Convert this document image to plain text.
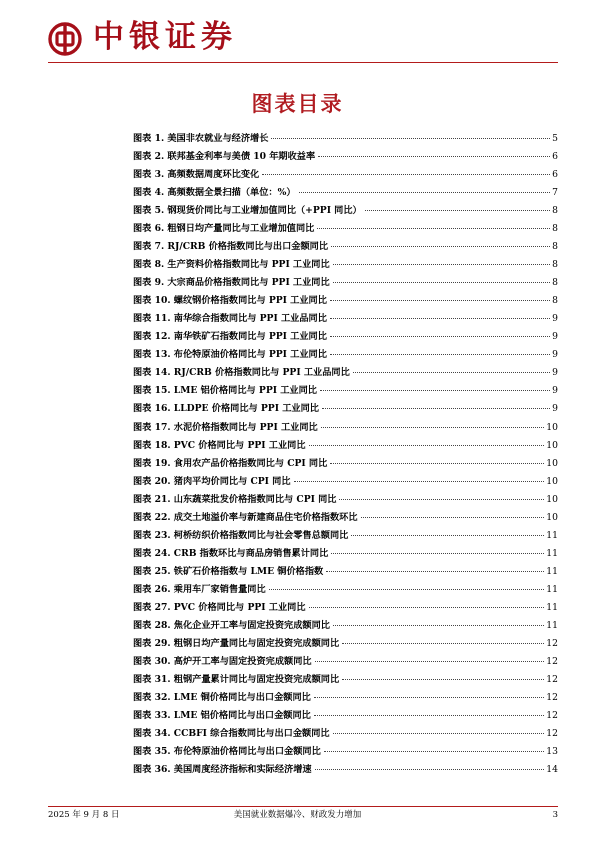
中银证券
图表目录
图表 1. 美国非农就业与经济增长	5
图表 2. 联邦基金利率与美债 10 年期收益率	6
图表 3. 高频数据周度环比变化	6
图表 4. 高频数据全景扫描（单位：%）	7
图表 5. 钢现货价同比与工业增加值同比（+PPI 同比）	8
图表 6. 粗钢日均产量同比与工业增加值同比	8
图表 7. RJ/CRB 价格指数同比与出口金额同比	8
图表 8. 生产资料价格指数同比与 PPI 工业同比	8
图表 9. 大宗商品价格指数同比与 PPI 工业同比	8
图表 10. 螺纹钢价格指数同比与 PPI 工业同比	8
图表 11. 南华综合指数同比与 PPI 工业品同比	9
图表 12. 南华铁矿石指数同比与 PPI 工业同比	9
图表 13. 布伦特原油价格同比与 PPI 工业同比	9
图表 14. RJ/CRB 价格指数同比与 PPI 工业品同比	9
图表 15. LME 铝价格同比与 PPI 工业同比	9
图表 16. LLDPE 价格同比与 PPI 工业同比	9
图表 17. 水泥价格指数同比与 PPI 工业同比	10
图表 18. PVC 价格同比与 PPI 工业同比	10
图表 19. 食用农产品价格指数同比与 CPI 同比	10
图表 20. 猪肉平均价同比与 CPI 同比	10
图表 21. 山东蔬菜批发价格指数同比与 CPI 同比	10
图表 22. 成交土地溢价率与新建商品住宅价格指数环比	10
图表 23. 柯桥纺织价格指数同比与社会零售总额同比	11
图表 24. CRB 指数环比与商品房销售累计同比	11
图表 25. 铁矿石价格指数与 LME 铜价格指数	11
图表 26. 乘用车厂家销售量同比	11
图表 27. PVC 价格同比与 PPI 工业同比	11
图表 28. 焦化企业开工率与固定投资完成额同比	11
图表 29. 粗钢日均产量同比与固定投资完成额同比	12
图表 30. 高炉开工率与固定投资完成额同比	12
图表 31. 粗钢产量累计同比与固定投资完成额同比	12
图表 32. LME 铜价格同比与出口金额同比	12
图表 33. LME 铝价格同比与出口金额同比	12
图表 34. CCBFI 综合指数同比与出口金额同比	12
图表 35. 布伦特原油价格同比与出口金额同比	13
图表 36. 美国周度经济指标和实际经济增速	14
2025 年 9 月 8 日	美国就业数据爆冷、财政发力增加	3
